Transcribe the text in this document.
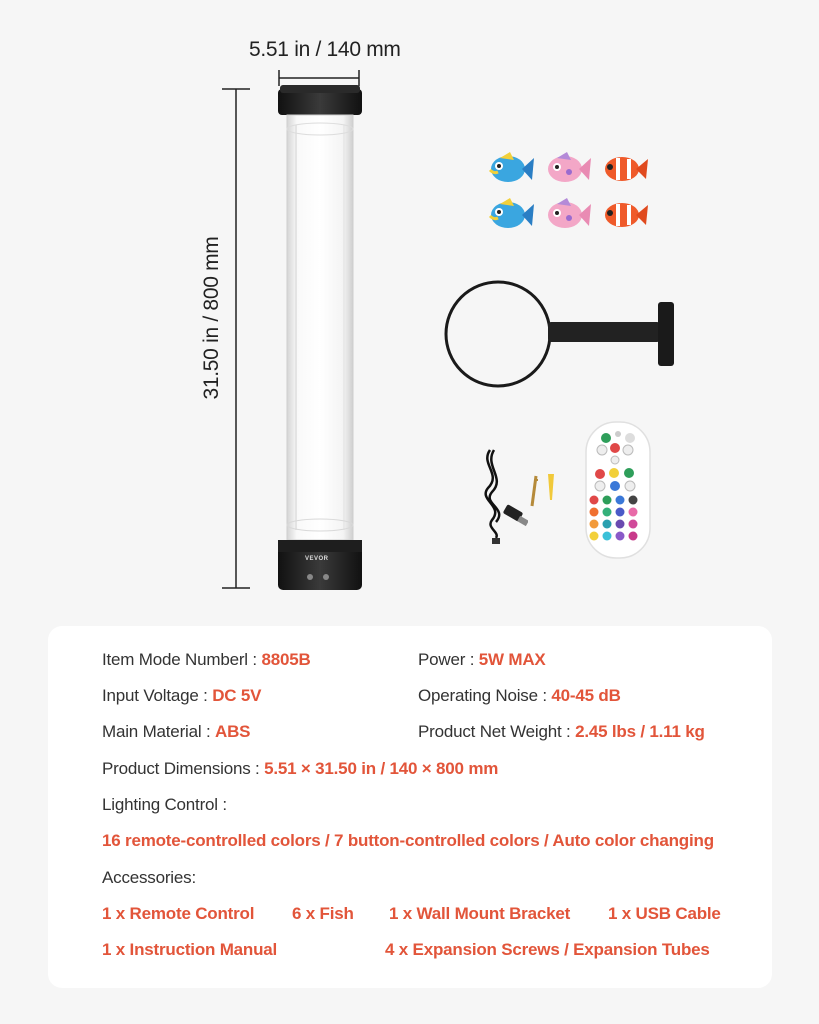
5.51 in / 140 mm
31.50 in / 800 mm
VEVOR
Item Mode Numberl : 8805B	Power : 5W MAX
Input Voltage : DC 5V	Operating Noise : 40-45 dB
Main Material : ABS	Product Net Weight : 2.45 lbs / 1.11 kg
Product Dimensions : 5.51 × 31.50 in / 140 × 800 mm
Lighting Control :
16 remote-controlled colors / 7 button-controlled colors / Auto color changing
Accessories:
1 x Remote Control 6 x Fish 1 x Wall Mount Bracket 1 x USB Cable
1 x Instruction Manual	4 x Expansion Screws / Expansion Tubes
